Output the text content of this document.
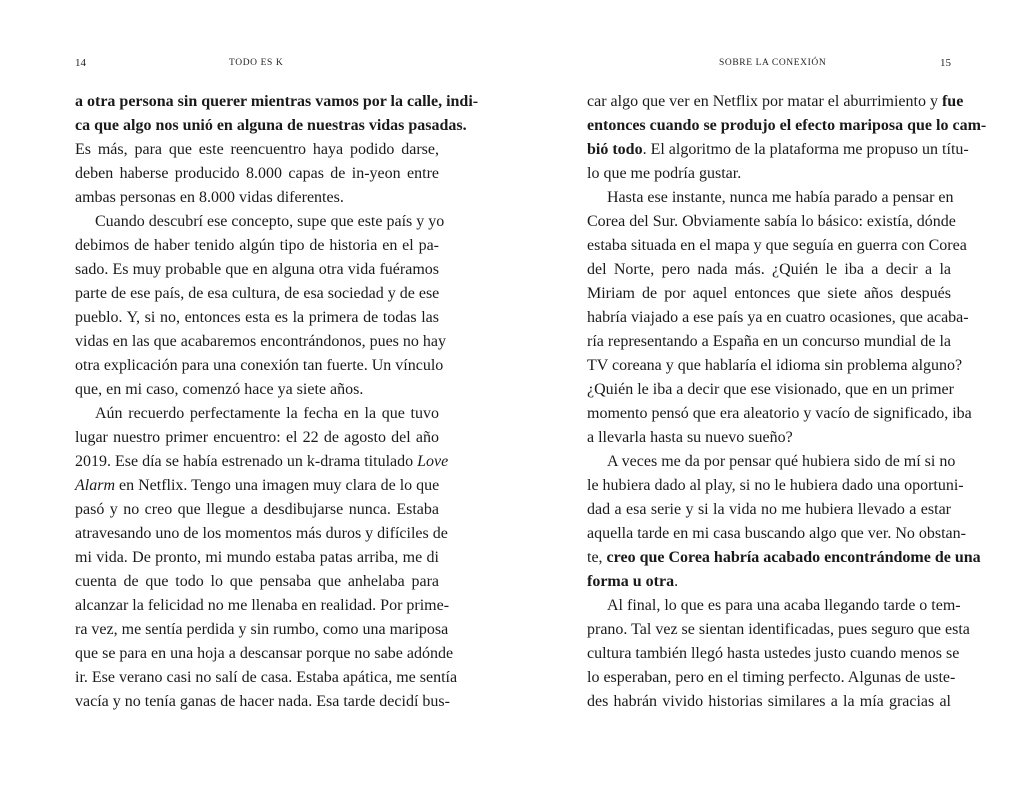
14	TODO ES K
a otra persona sin querer mientras vamos por la calle, indi-
ca que algo nos unió en alguna de nuestras vidas pasadas.
Es más, para que este reencuentro haya podido darse,
deben haberse producido 8.000 capas de in-yeon entre
ambas personas en 8.000 vidas diferentes.
Cuando descubrí ese concepto, supe que este país y yo
debimos de haber tenido algún tipo de historia en el pa-
sado. Es muy probable que en alguna otra vida fuéramos
parte de ese país, de esa cultura, de esa sociedad y de ese
pueblo. Y, si no, entonces esta es la primera de todas las
vidas en las que acabaremos encontrándonos, pues no hay
otra explicación para una conexión tan fuerte. Un vínculo
que, en mi caso, comenzó hace ya siete años.
Aún recuerdo perfectamente la fecha en la que tuvo
lugar nuestro primer encuentro: el 22 de agosto del año
2019. Ese día se había estrenado un k-drama titulado Love
Alarm en Netflix. Tengo una imagen muy clara de lo que
pasó y no creo que llegue a desdibujarse nunca. Estaba
atravesando uno de los momentos más duros y difíciles de
mi vida. De pronto, mi mundo estaba patas arriba, me di
cuenta de que todo lo que pensaba que anhelaba para
alcanzar la felicidad no me llenaba en realidad. Por prime-
ra vez, me sentía perdida y sin rumbo, como una mariposa
que se para en una hoja a descansar porque no sabe adónde
ir. Ese verano casi no salí de casa. Estaba apática, me sentía
vacía y no tenía ganas de hacer nada. Esa tarde decidí bus-
SOBRE LA CONEXIÓN	15
car algo que ver en Netflix por matar el aburrimiento y fue
entonces cuando se produjo el efecto mariposa que lo cam-
bió todo. El algoritmo de la plataforma me propuso un títu-
lo que me podría gustar.
Hasta ese instante, nunca me había parado a pensar en
Corea del Sur. Obviamente sabía lo básico: existía, dónde
estaba situada en el mapa y que seguía en guerra con Corea
del Norte, pero nada más. ¿Quién le iba a decir a la
Miriam de por aquel entonces que siete años después
habría viajado a ese país ya en cuatro ocasiones, que acaba-
ría representando a España en un concurso mundial de la
TV coreana y que hablaría el idioma sin problema alguno?
¿Quién le iba a decir que ese visionado, que en un primer
momento pensó que era aleatorio y vacío de significado, iba
a llevarla hasta su nuevo sueño?
A veces me da por pensar qué hubiera sido de mí si no
le hubiera dado al play, si no le hubiera dado una oportuni-
dad a esa serie y si la vida no me hubiera llevado a estar
aquella tarde en mi casa buscando algo que ver. No obstan-
te, creo que Corea habría acabado encontrándome de una
forma u otra.
Al final, lo que es para una acaba llegando tarde o tem-
prano. Tal vez se sientan identificadas, pues seguro que esta
cultura también llegó hasta ustedes justo cuando menos se
lo esperaban, pero en el timing perfecto. Algunas de uste-
des habrán vivido historias similares a la mía gracias al
